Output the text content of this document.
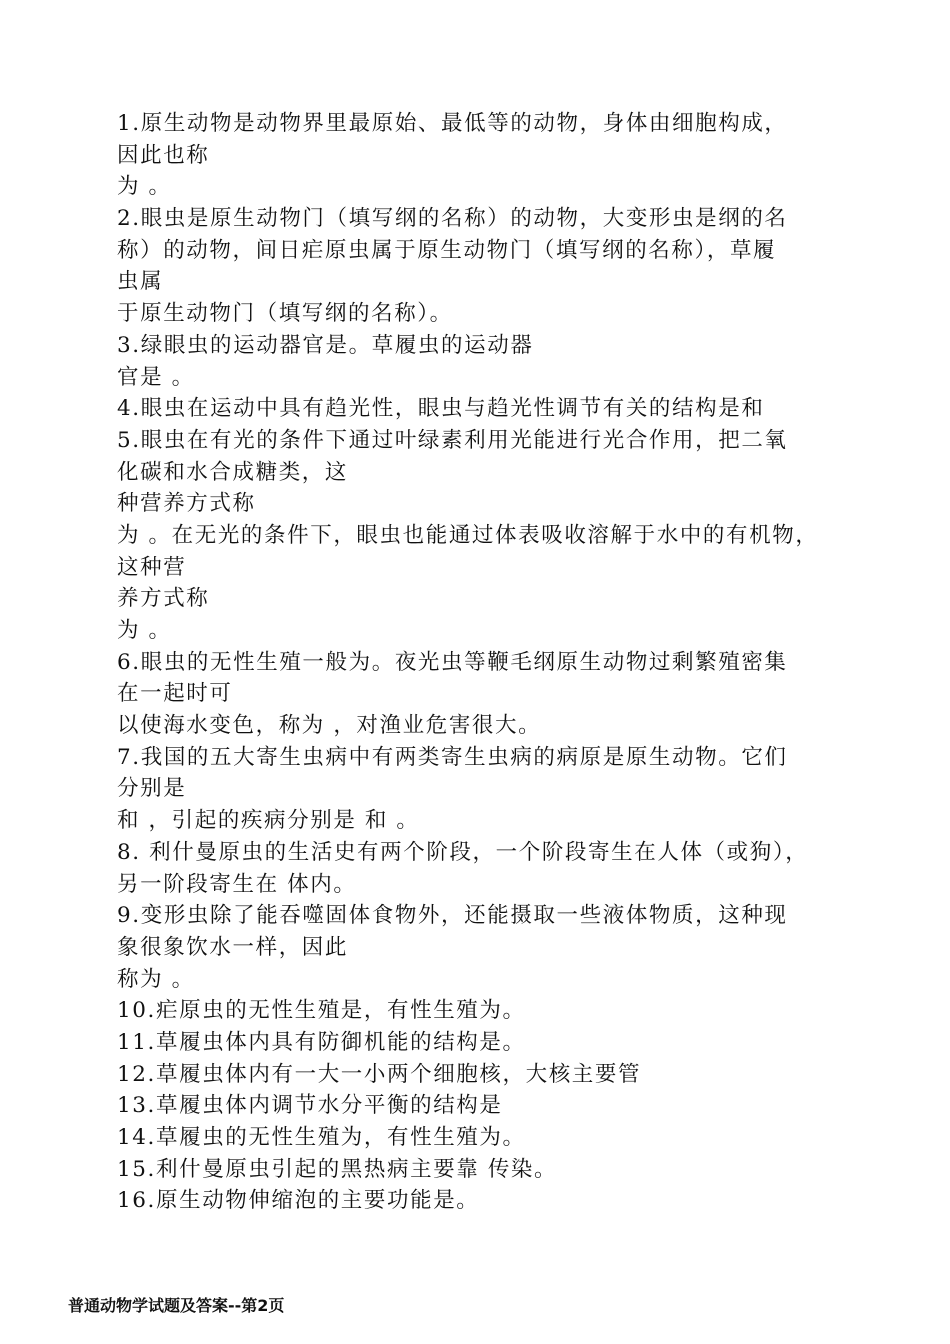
1.原生动物是动物界里最原始、最低等的动物，身体由细胞构成，
因此也称
为 。
2.眼虫是原生动物门（填写纲的名称）的动物，大变形虫是纲的名
称）的动物，间日疟原虫属于原生动物门（填写纲的名称），草履
虫属
于原生动物门（填写纲的名称）。
3.绿眼虫的运动器官是。草履虫的运动器
官是 。
4.眼虫在运动中具有趋光性，眼虫与趋光性调节有关的结构是和
5.眼虫在有光的条件下通过叶绿素利用光能进行光合作用，把二氧
化碳和水合成糖类，这
种营养方式称
为 。在无光的条件下，眼虫也能通过体表吸收溶解于水中的有机物，
这种营
养方式称
为 。
6.眼虫的无性生殖一般为。夜光虫等鞭毛纲原生动物过剩繁殖密集
在一起时可
以使海水变色，称为 ，对渔业危害很大。
7.我国的五大寄生虫病中有两类寄生虫病的病原是原生动物。它们
分别是
和 ，引起的疾病分别是 和 。
8. 利什曼原虫的生活史有两个阶段，一个阶段寄生在人体（或狗），
另一阶段寄生在 体内。
9.变形虫除了能吞噬固体食物外，还能摄取一些液体物质，这种现
象很象饮水一样，因此
称为 。
10.疟原虫的无性生殖是，有性生殖为。
11.草履虫体内具有防御机能的结构是。
12.草履虫体内有一大一小两个细胞核，大核主要管
13.草履虫体内调节水分平衡的结构是
14.草履虫的无性生殖为，有性生殖为。
15.利什曼原虫引起的黑热病主要靠 传染。
16.原生动物伸缩泡的主要功能是。
普通动物学试题及答案--第2页
